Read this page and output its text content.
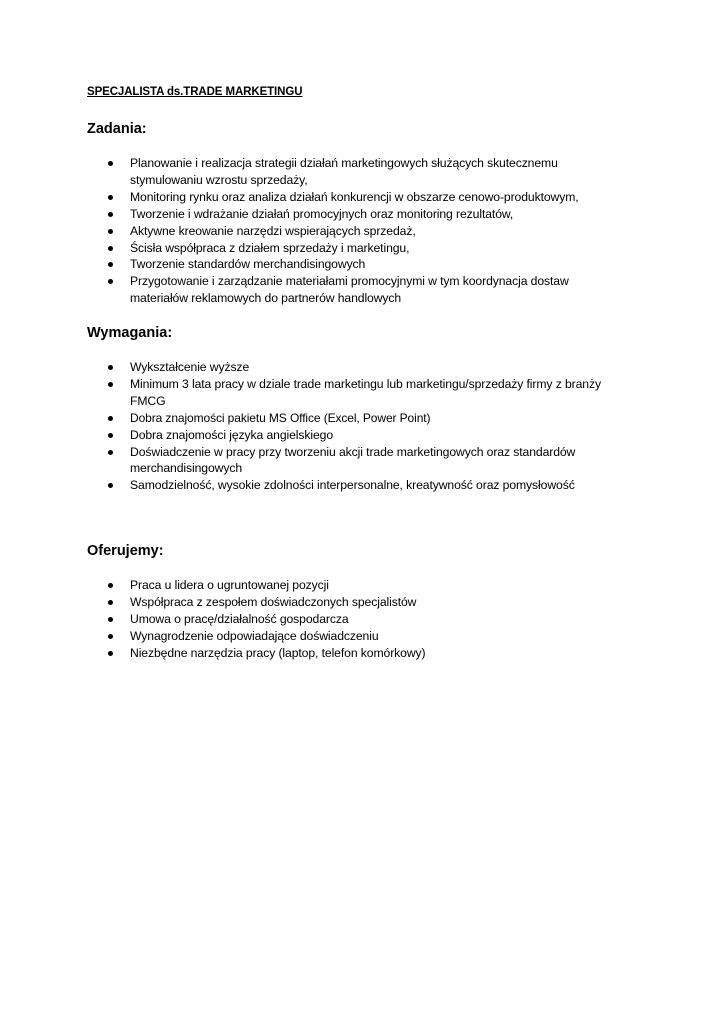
SPECJALISTA ds.TRADE MARKETINGU
Zadania:
Planowanie i realizacja strategii działań marketingowych służących skutecznemu stymulowaniu wzrostu sprzedaży,
Monitoring rynku oraz analiza działań konkurencji w obszarze cenowo-produktowym,
Tworzenie i wdrażanie działań promocyjnych oraz monitoring rezultatów,
Aktywne kreowanie narzędzi wspierających sprzedaż,
Ścisła współpraca z działem sprzedaży i marketingu,
Tworzenie standardów merchandisingowych
Przygotowanie i zarządzanie materiałami promocyjnymi w tym koordynacja dostaw materiałów reklamowych do partnerów handlowych
Wymagania:
Wykształcenie wyższe
Minimum 3 lata pracy w dziale trade marketingu lub marketingu/sprzedaży firmy z branży FMCG
Dobra znajomości pakietu MS Office (Excel, Power Point)
Dobra znajomości języka angielskiego
Doświadczenie w pracy przy tworzeniu akcji trade marketingowych oraz standardów merchandisingowych
Samodzielność, wysokie zdolności interpersonalne, kreatywność oraz pomysłowość
Oferujemy:
Praca u lidera o ugruntowanej pozycji
Współpraca z zespołem doświadczonych specjalistów
Umowa o pracę/działalność gospodarcza
Wynagrodzenie odpowiadające doświadczeniu
Niezbędne narzędzia pracy (laptop, telefon komórkowy)
